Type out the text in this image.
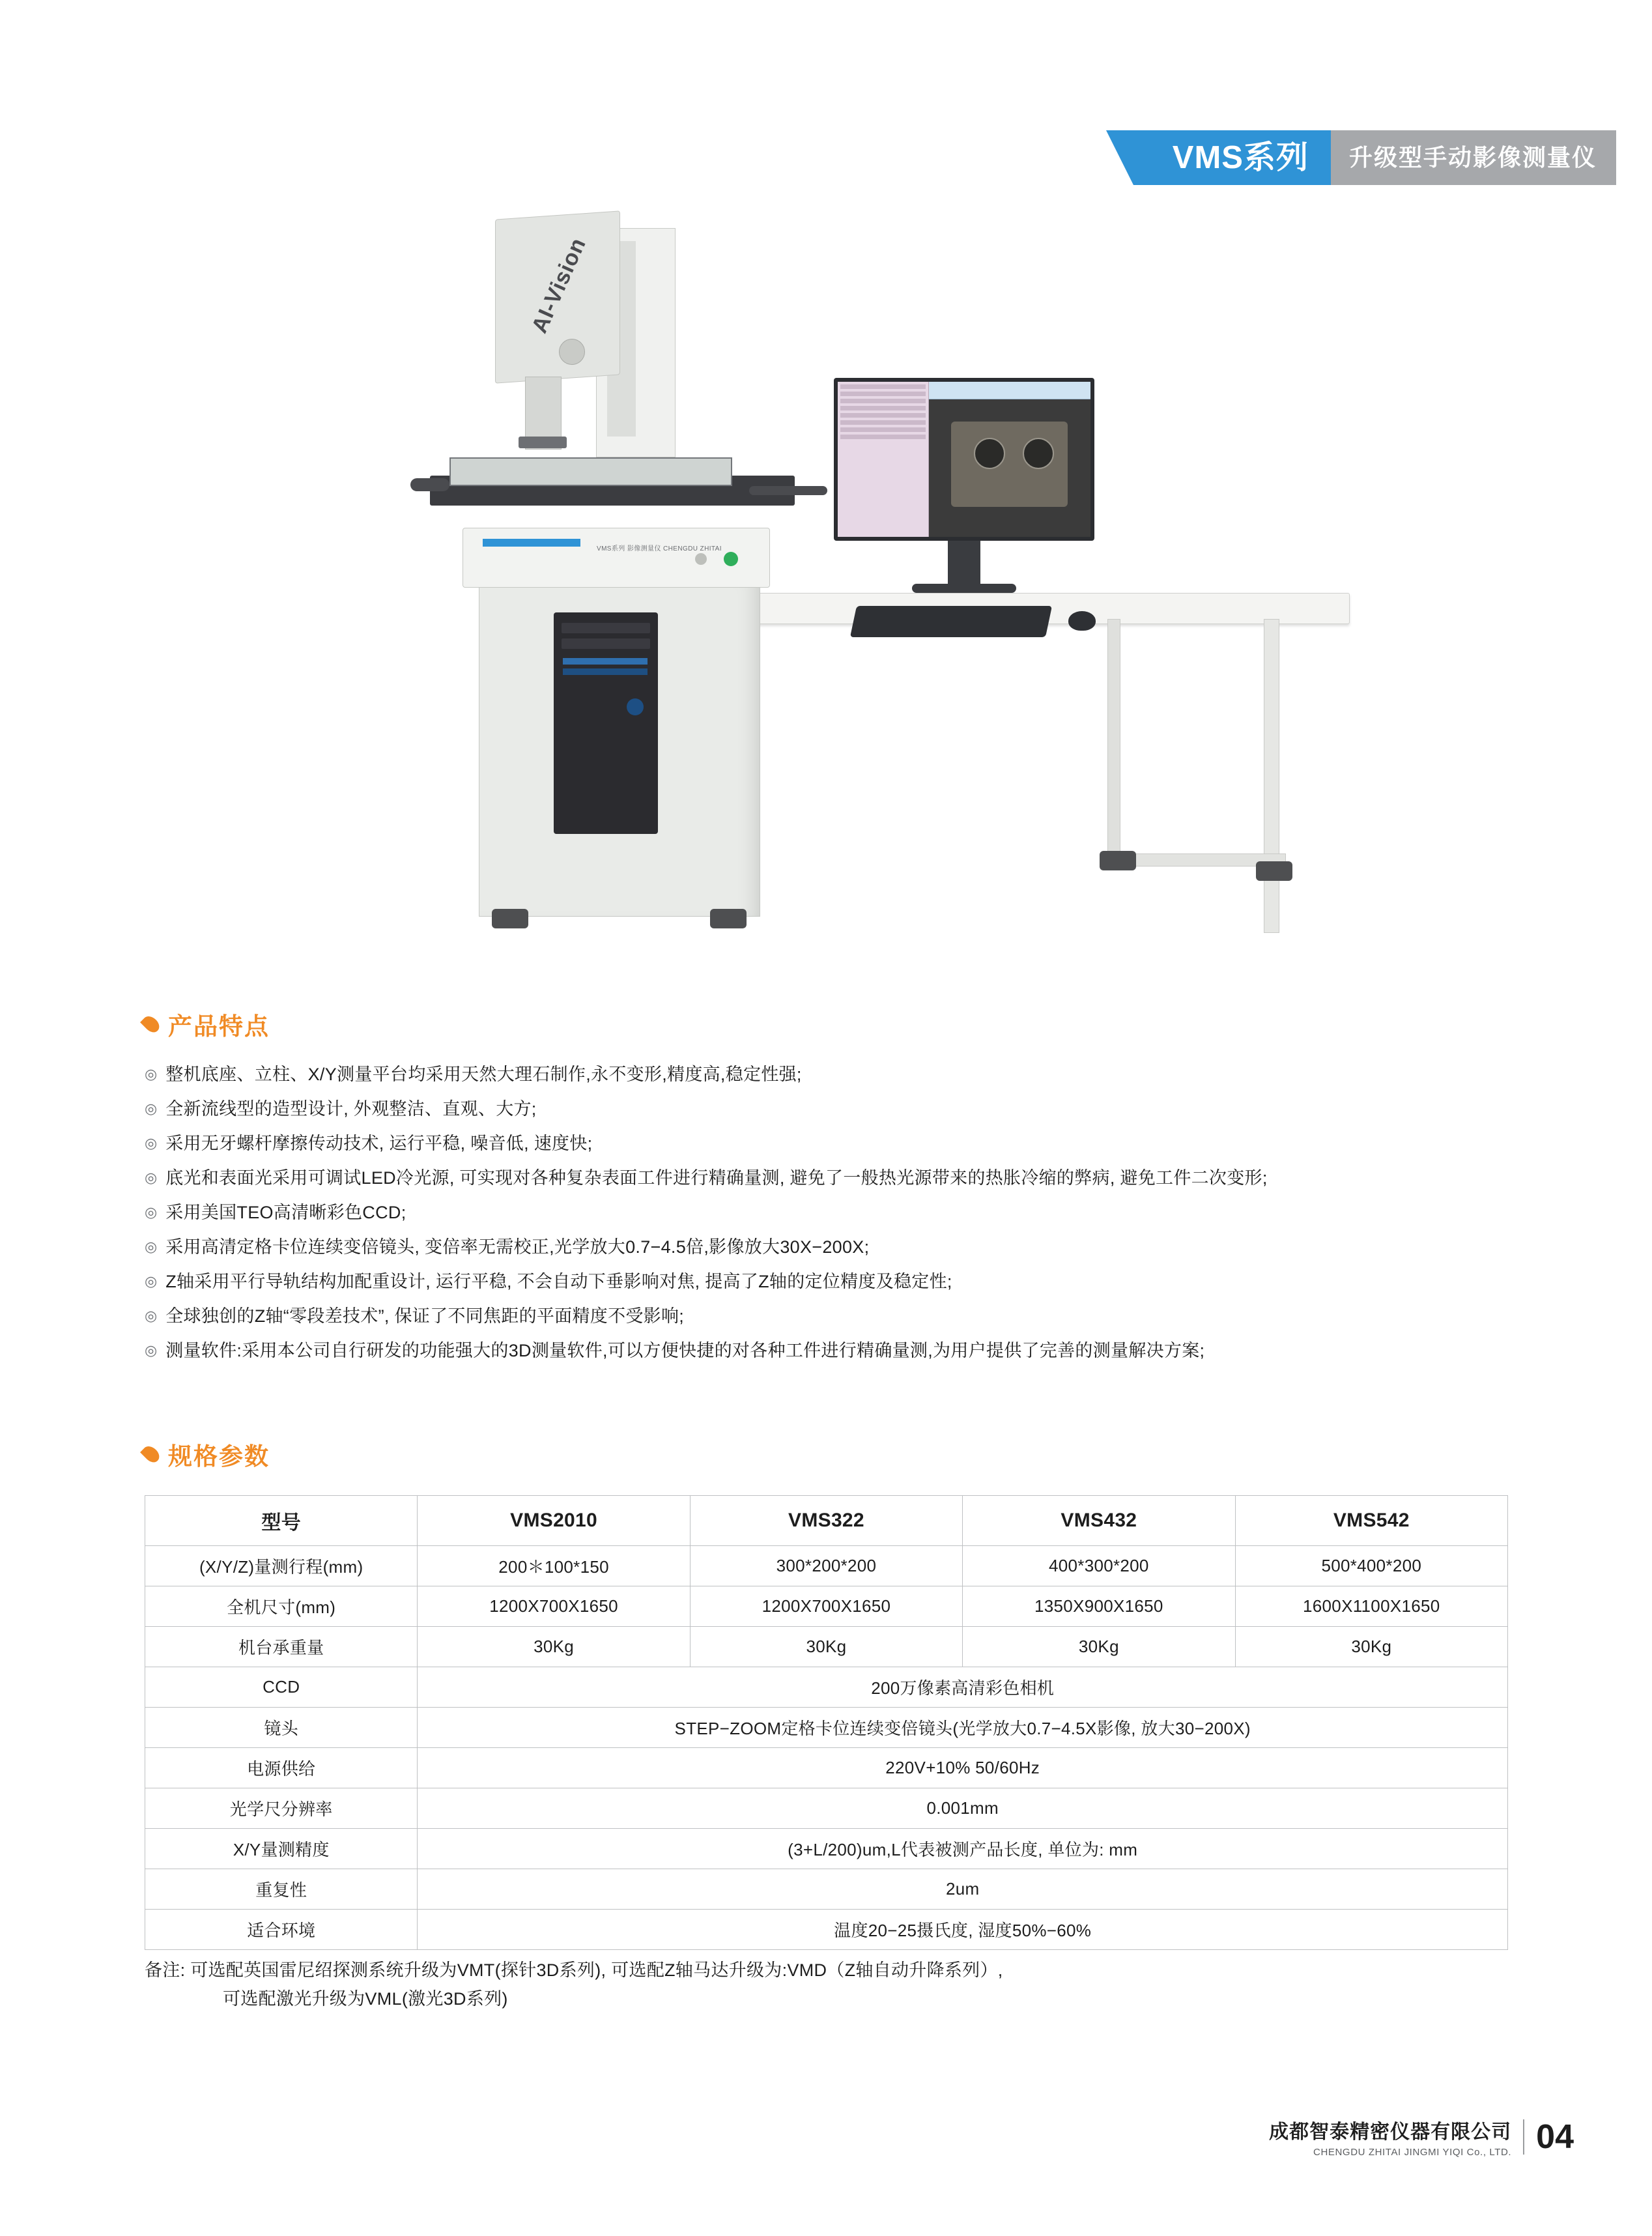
VMS系列 升级型手动影像测量仪
VMS系列 影像测量仪 CHENGDU ZHITAI
AI-Vision
产品特点
◎ 整机底座、立柱、X/Y测量平台均采用天然大理石制作,永不变形,精度高,稳定性强;
◎ 全新流线型的造型设计, 外观整洁、直观、大方;
◎ 采用无牙螺杆摩擦传动技术, 运行平稳, 噪音低, 速度快;
◎ 底光和表面光采用可调试LED冷光源, 可实现对各种复杂表面工件进行精确量测, 避免了一般热光源带来的热胀冷缩的弊病, 避免工件二次变形;
◎ 采用美国TEO高清晰彩色CCD;
◎ 采用高清定格卡位连续变倍镜头, 变倍率无需校正,光学放大0.7−4.5倍,影像放大30X−200X;
◎ Z轴采用平行导轨结构加配重设计, 运行平稳, 不会自动下垂影响对焦, 提高了Z轴的定位精度及稳定性;
◎ 全球独创的Z轴“零段差技术”, 保证了不同焦距的平面精度不受影响;
◎ 测量软件:采用本公司自行研发的功能强大的3D测量软件,可以方便快捷的对各种工件进行精确量测,为用户提供了完善的测量解决方案;
规格参数
型号	VMS2010	VMS322	VMS432	VMS542
(X/Y/Z)量测行程(mm)	200＊100*150	300*200*200	400*300*200	500*400*200
全机尺寸(mm)	1200X700X1650	1200X700X1650	1350X900X1650	1600X1100X1650
机台承重量	30Kg	30Kg	30Kg	30Kg
CCD	200万像素高清彩色相机			
镜头	STEP−ZOOM定格卡位连续变倍镜头(光学放大0.7−4.5X影像, 放大30−200X)			
电源供给	220V+10% 50/60Hz			
光学尺分辨率	0.001mm			
X/Y量测精度	(3+L/200)um,L代表被测产品长度, 单位为: mm			
重复性	2um			
适合环境	温度20−25摄氏度, 湿度50%−60%			
备注: 可选配英国雷尼绍探测系统升级为VMT(探针3D系列), 可选配Z轴马达升级为:VMD（Z轴自动升降系列）,
可选配激光升级为VML(激光3D系列)
成都智泰精密仪器有限公司
CHENGDU ZHITAI JINGMI YIQI Co., LTD. 04
